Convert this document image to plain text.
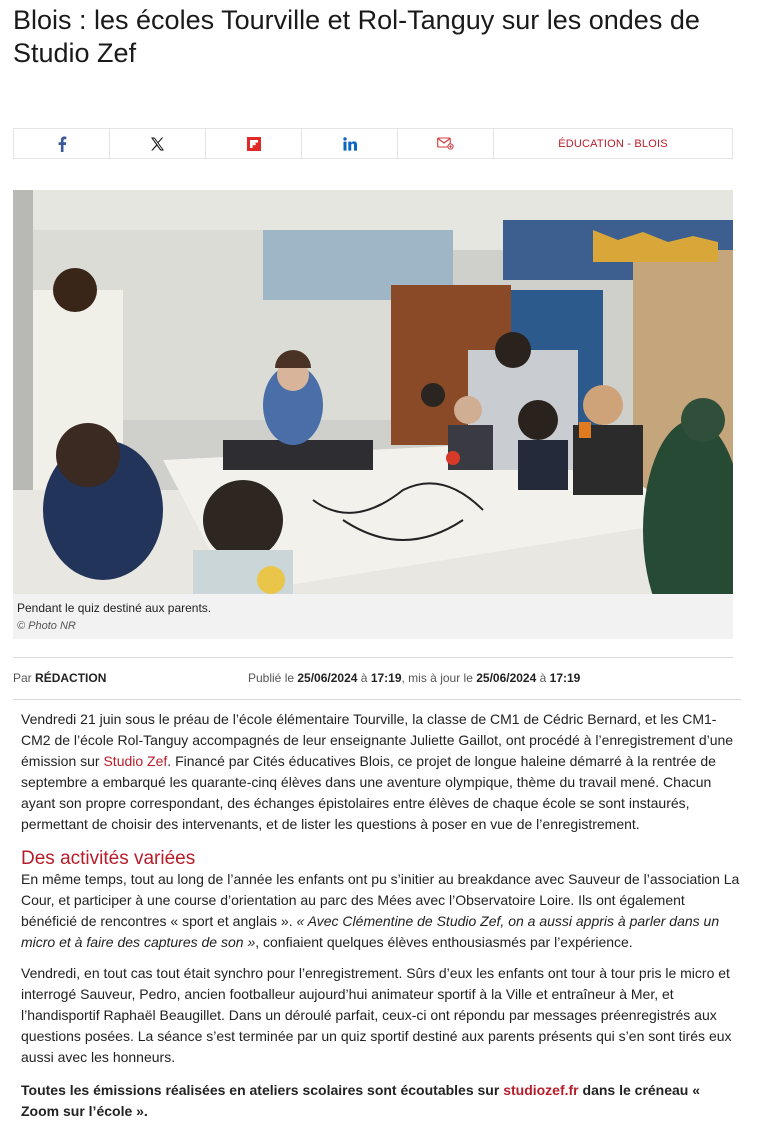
Blois : les écoles Tourville et Rol-Tanguy sur les ondes de Studio Zef
ÉDUCATION - BLOIS
Pendant le quiz destiné aux parents.
© Photo NR
Par RÉDACTION	Publié le 25/06/2024 à 17:19, mis à jour le 25/06/2024 à 17:19

Vendredi 21 juin sous le préau de l’école élémentaire Tourville, la classe de CM1 de Cédric Bernard, et les CM1-CM2 de l’école Rol-Tanguy accompagnés de leur enseignante Juliette Gaillot, ont procédé à l’enregistrement d’une émission sur Studio Zef. Financé par Cités éducatives Blois, ce projet de longue haleine démarré à la rentrée de septembre a embarqué les quarante-cinq élèves dans une aventure olympique, thème du travail mené. Chacun ayant son propre correspondant, des échanges épistolaires entre élèves de chaque école se sont instaurés, permettant de choisir des intervenants, et de lister les questions à poser en vue de l’enregistrement.

Des activités variées

En même temps, tout au long de l’année les enfants ont pu s’initier au breakdance avec Sauveur de l’association La Cour, et participer à une course d’orientation au parc des Mées avec l’Observatoire Loire. Ils ont également bénéficié de rencontres « sport et anglais ». « Avec Clémentine de Studio Zef, on a aussi appris à parler dans un micro et à faire des captures de son », confiaient quelques élèves enthousiasmés par l’expérience.

Vendredi, en tout cas tout était synchro pour l’enregistrement. Sûrs d’eux les enfants ont tour à tour pris le micro et interrogé Sauveur, Pedro, ancien footballeur aujourd’hui animateur sportif à la Ville et entraîneur à Mer, et l’handisportif Raphaël Beaugillet. Dans un déroulé parfait, ceux-ci ont répondu par messages préenregistrés aux questions posées. La séance s’est terminée par un quiz sportif destiné aux parents présents qui s’en sont tirés eux aussi avec les honneurs.

Toutes les émissions réalisées en ateliers scolaires sont écoutables sur studiozef.fr dans le créneau « Zoom sur l’école ».
